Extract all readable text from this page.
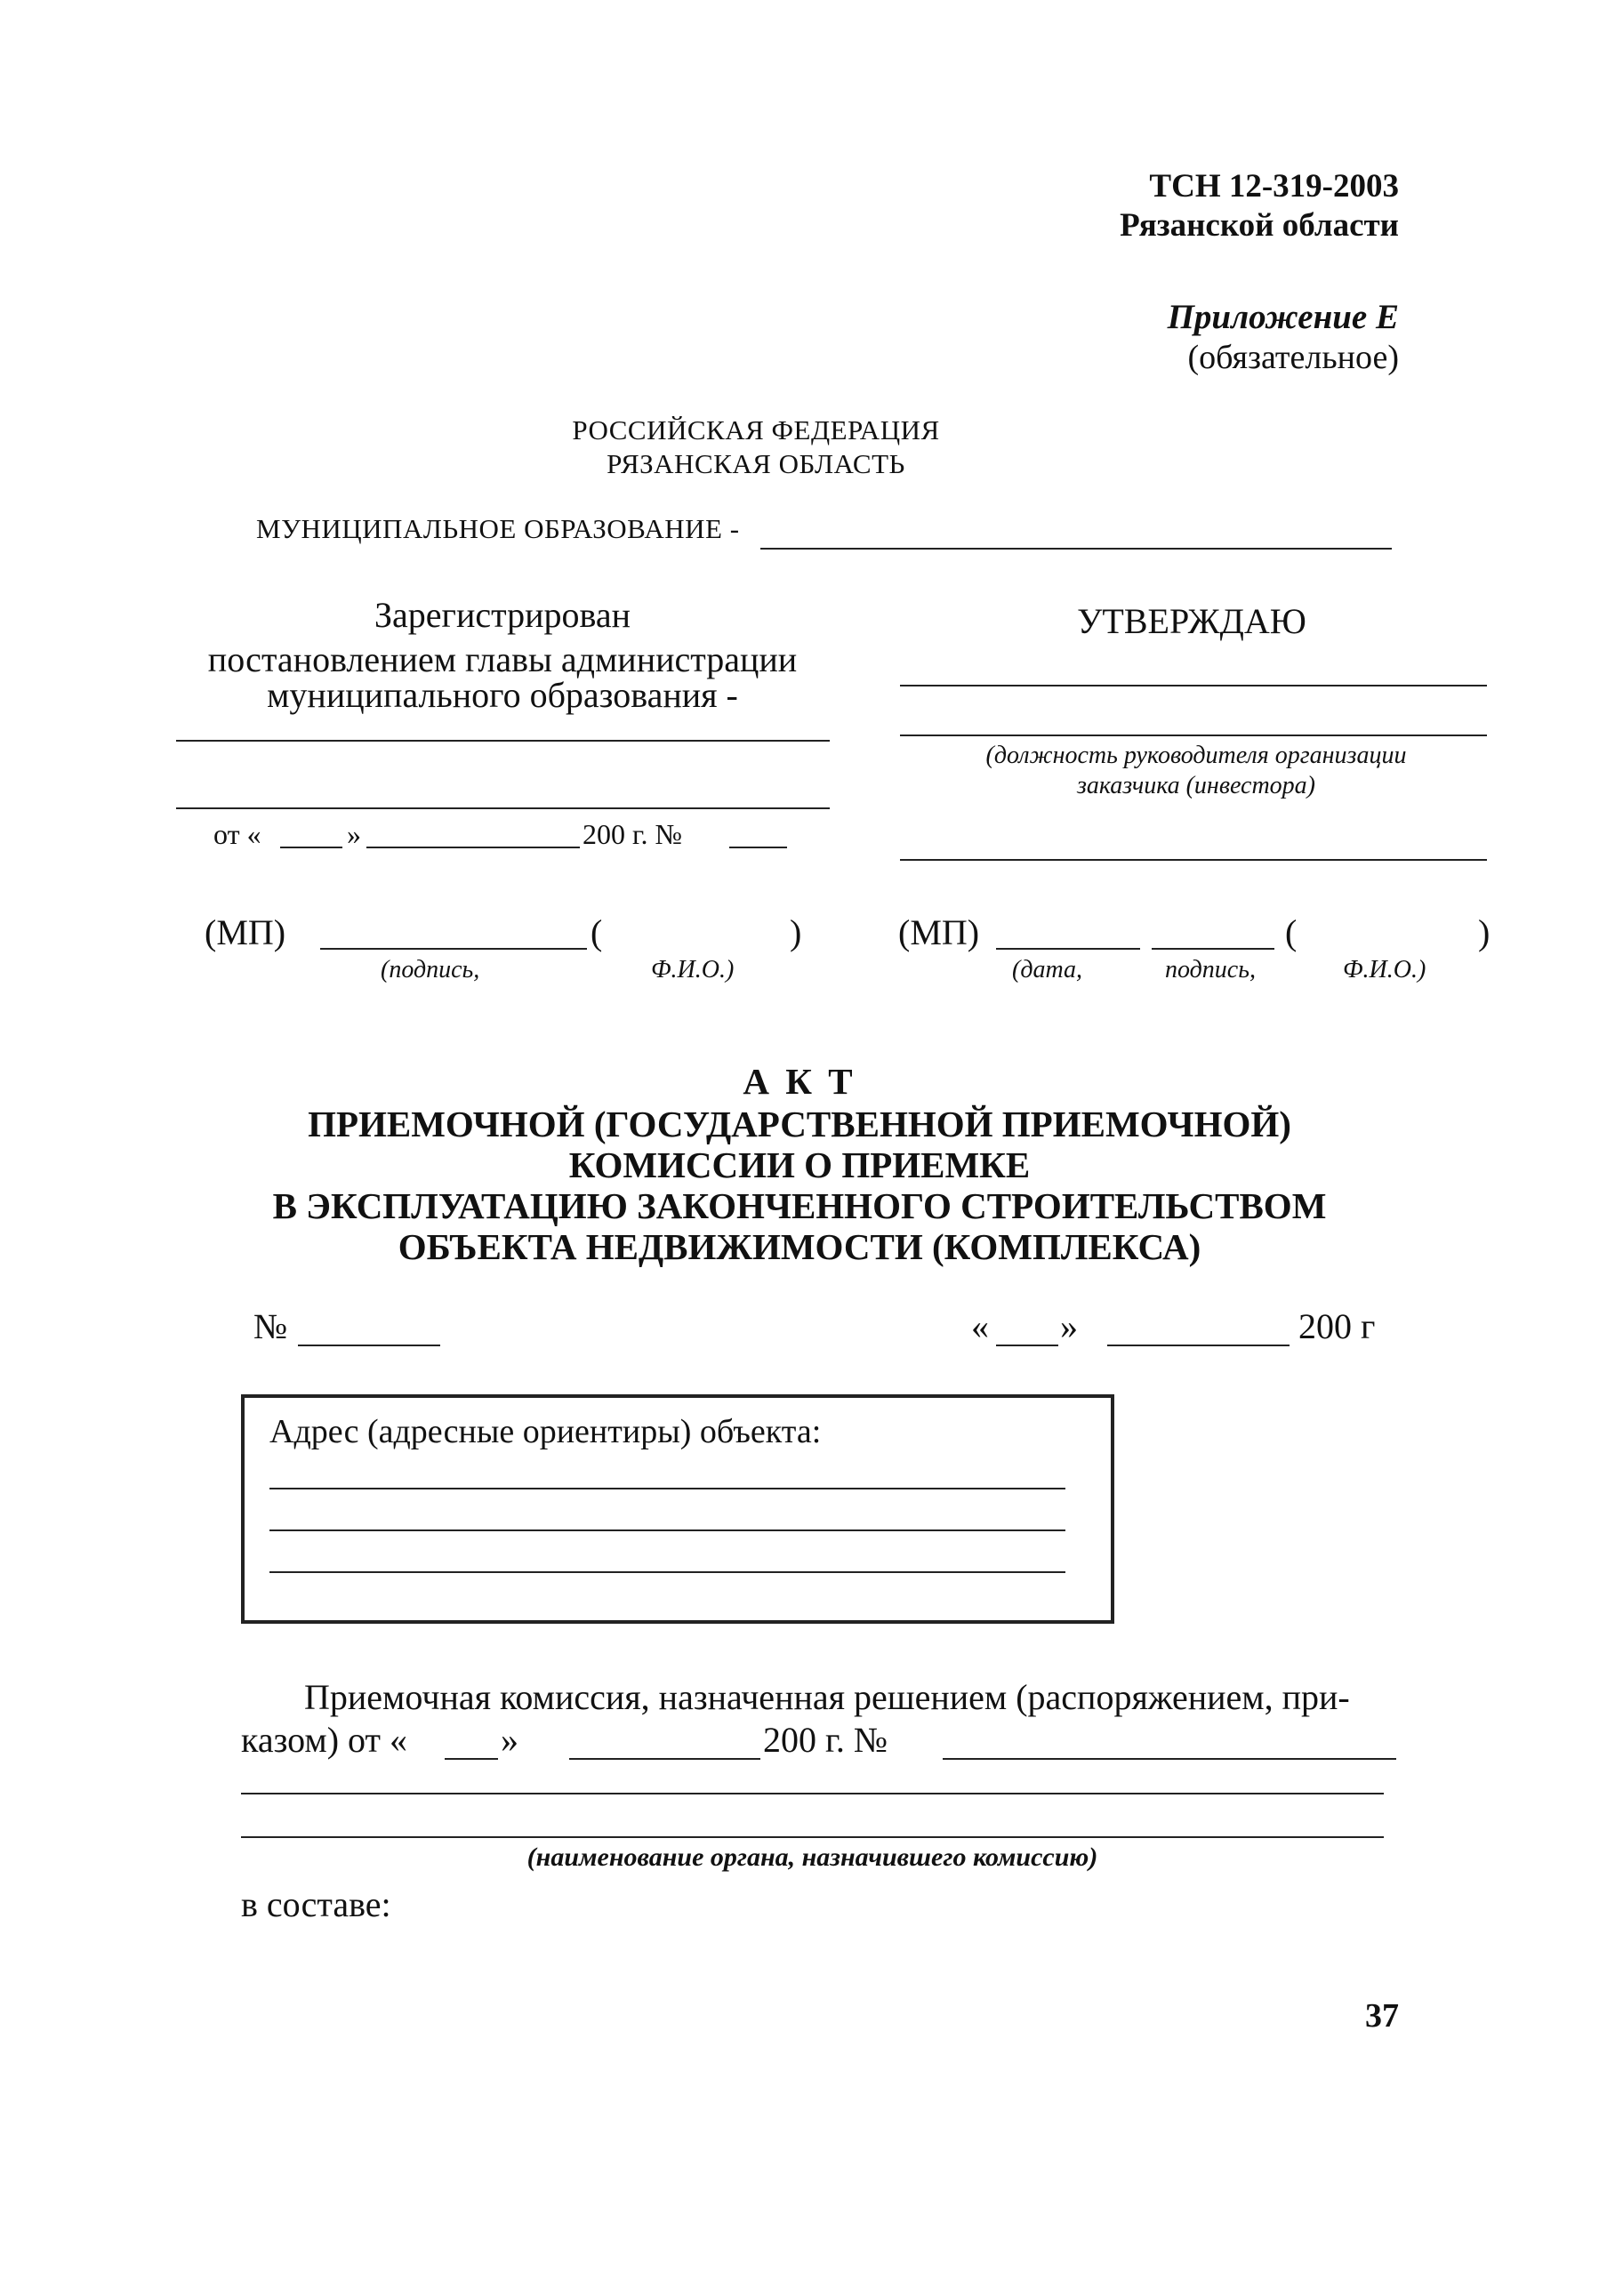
ТСН 12-319-2003
Рязанской области
Приложение Е
(обязательное)
РОССИЙСКАЯ ФЕДЕРАЦИЯ
РЯЗАНСКАЯ ОБЛАСТЬ
МУНИЦИПАЛЬНОЕ ОБРАЗОВАНИЕ -
Зарегистрирован
постановлением главы администрации
муниципального образования -
от «	»	200 г. №
УТВЕРЖДАЮ
(должность руководителя организации
заказчика (инвестора)
(МП)	(	)
(подпись,	Ф.И.О.)
(МП)	(	)
(дата,	подпись,	Ф.И.О.)
А К Т
ПРИЕМОЧНОЙ (ГОСУДАРСТВЕННОЙ ПРИЕМОЧНОЙ)
КОМИССИИ О ПРИЕМКЕ
В ЭКСПЛУАТАЦИЮ ЗАКОНЧЕННОГО СТРОИТЕЛЬСТВОМ
ОБЪЕКТА НЕДВИЖИМОСТИ (КОМПЛЕКСА)
№	« »	200 г
Адрес (адресные ориентиры) объекта:
Приемочная комиссия, назначенная решением (распоряжением, при-
казом) от «	»	200 г. №
(наименование органа, назначившего комиссию)
в составе:
37
